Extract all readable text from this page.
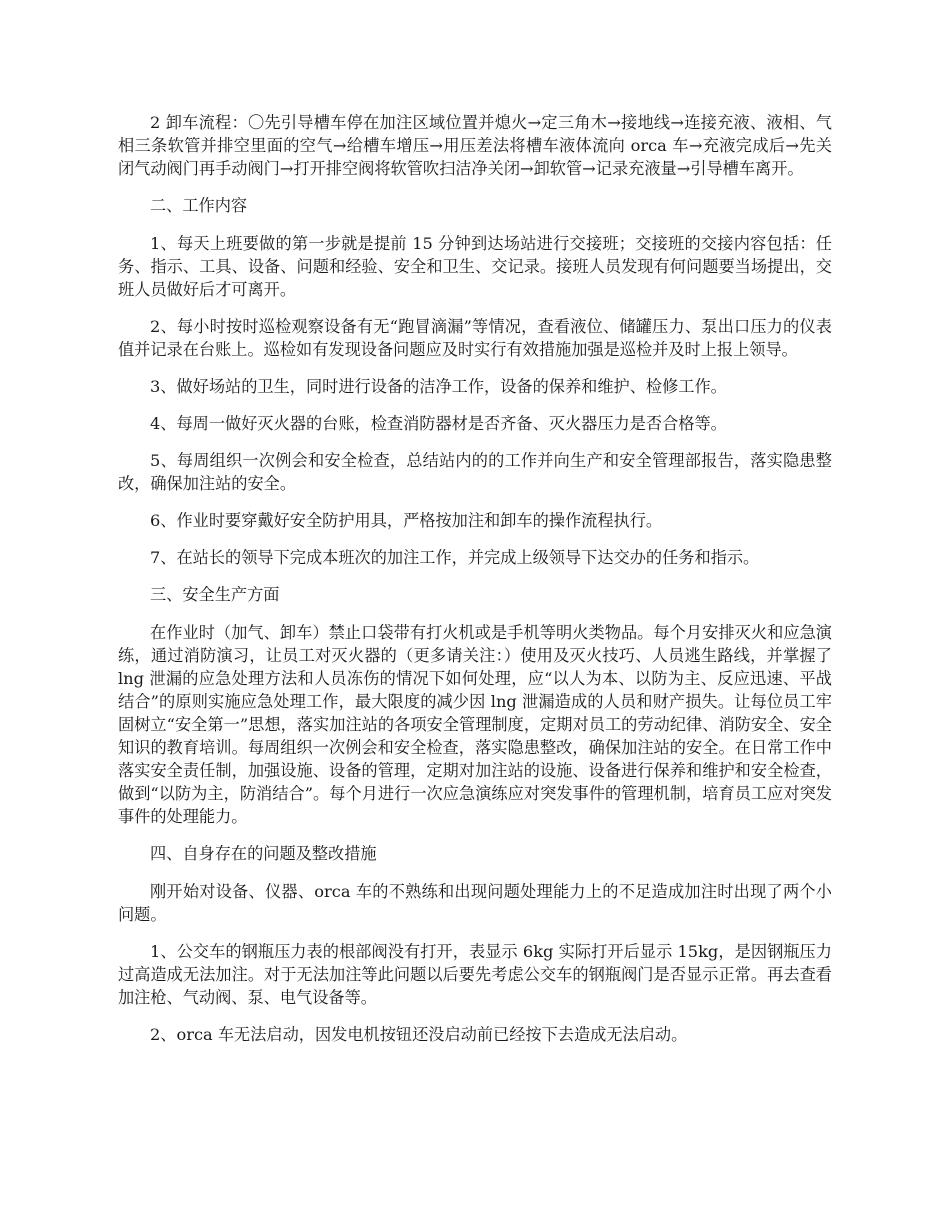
2 卸车流程：〇先引导槽车停在加注区域位置并熄火→定三角木→接地线→连接充液、液相、气相三条软管并排空里面的空气→给槽车增压→用压差法将槽车液体流向 orca 车→充液完成后→先关闭气动阀门再手动阀门→打开排空阀将软管吹扫洁净关闭→卸软管→记录充液量→引导槽车离开。

二、工作内容

1、每天上班要做的第一步就是提前 15 分钟到达场站进行交接班；交接班的交接内容包括：任务、指示、工具、设备、问题和经验、安全和卫生、交记录。接班人员发现有何问题要当场提出，交班人员做好后才可离开。

2、每小时按时巡检观察设备有无“跑冒滴漏”等情况，查看液位、储罐压力、泵出口压力的仪表值并记录在台账上。巡检如有发现设备问题应及时实行有效措施加强是巡检并及时上报上领导。

3、做好场站的卫生，同时进行设备的洁净工作，设备的保养和维护、检修工作。

4、每周一做好灭火器的台账，检查消防器材是否齐备、灭火器压力是否合格等。

5、每周组织一次例会和安全检查，总结站内的的工作并向生产和安全管理部报告，落实隐患整改，确保加注站的安全。

6、作业时要穿戴好安全防护用具，严格按加注和卸车的操作流程执行。

7、在站长的领导下完成本班次的加注工作，并完成上级领导下达交办的任务和指示。

三、安全生产方面

在作业时（加气、卸车）禁止口袋带有打火机或是手机等明火类物品。每个月安排灭火和应急演练，通过消防演习，让员工对灭火器的（更多请关注：）使用及灭火技巧、人员逃生路线，并掌握了 lng 泄漏的应急处理方法和人员冻伤的情况下如何处理，应“以人为本、以防为主、反应迅速、平战结合”的原则实施应急处理工作，最大限度的减少因 lng 泄漏造成的人员和财产损失。让每位员工牢固树立“安全第一”思想，落实加注站的各项安全管理制度，定期对员工的劳动纪律、消防安全、安全知识的教育培训。每周组织一次例会和安全检查，落实隐患整改，确保加注站的安全。在日常工作中落实安全责任制，加强设施、设备的管理，定期对加注站的设施、设备进行保养和维护和安全检查，做到“以防为主，防消结合”。每个月进行一次应急演练应对突发事件的管理机制，培育员工应对突发事件的处理能力。

四、自身存在的问题及整改措施

刚开始对设备、仪器、orca 车的不熟练和出现问题处理能力上的不足造成加注时出现了两个小问题。

1、公交车的钢瓶压力表的根部阀没有打开，表显示 6kg 实际打开后显示 15kg，是因钢瓶压力过高造成无法加注。对于无法加注等此问题以后要先考虑公交车的钢瓶阀门是否显示正常。再去查看加注枪、气动阀、泵、电气设备等。

2、orca 车无法启动，因发电机按钮还没启动前已经按下去造成无法启动。
